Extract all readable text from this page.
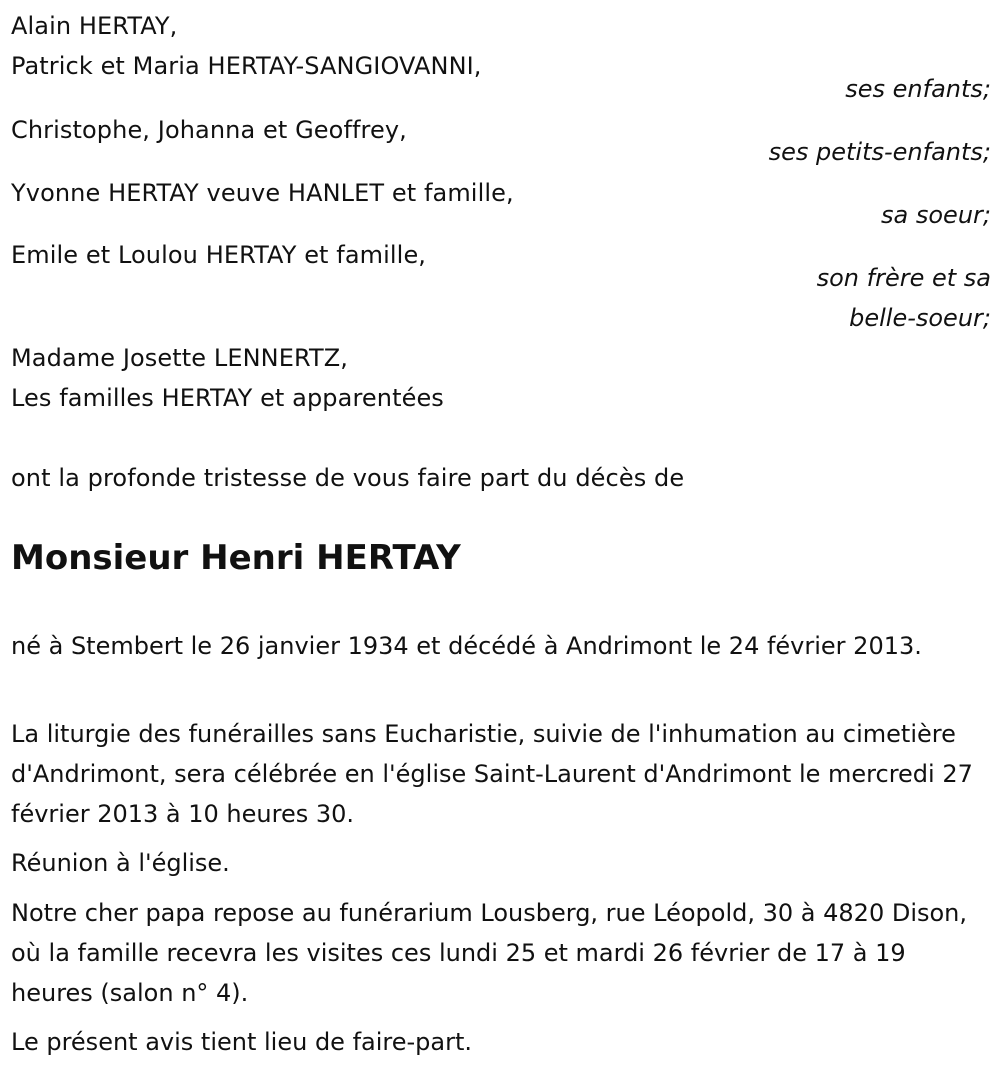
Alain HERTAY,
Patrick et Maria HERTAY-SANGIOVANNI,
ses enfants;
Christophe, Johanna et Geoffrey,
ses petits-enfants;
Yvonne HERTAY veuve HANLET et famille,
sa soeur;
Emile et Loulou HERTAY et famille,
son frère et sa
belle-soeur;
Madame Josette LENNERTZ,
Les familles HERTAY et apparentées
ont la profonde tristesse de vous faire part du décès de
Monsieur Henri HERTAY

né à Stembert le 26 janvier 1934 et décédé à Andrimont le 24 février 2013.

La liturgie des funérailles sans Eucharistie, suivie de l'inhumation au cimetière d'Andrimont, sera célébrée en l'église Saint-Laurent d'Andrimont le mercredi 27 février 2013 à 10 heures 30.

Réunion à l'église.

Notre cher papa repose au funérarium Lousberg, rue Léopold, 30 à 4820 Dison, où la famille recevra les visites ces lundi 25 et mardi 26 février de 17 à 19 heures (salon n° 4).

Le présent avis tient lieu de faire-part.
